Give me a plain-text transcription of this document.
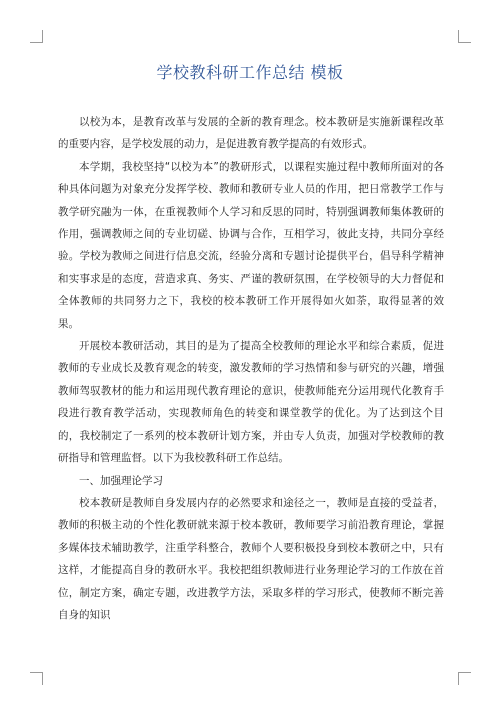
学校教科研工作总结 模板

以校为本，是教育改革与发展的全新的教育理念。校本教研是实施新课程改革的重要内容，是学校发展的动力，是促进教育教学提高的有效形式。

本学期，我校坚持“以校为本”的教研形式，以课程实施过程中教师所面对的各种具体问题为对象充分发挥学校、教师和教研专业人员的作用，把日常教学工作与教学研究融为一体，在重视教师个人学习和反思的同时，特别强调教师集体教研的作用，强调教师之间的专业切磋、协调与合作，互相学习，彼此支持，共同分享经验。学校为教师之间进行信息交流，经验分离和专题讨论提供平台，倡导科学精神和实事求是的态度，营造求真、务实、严谨的教研氛围，在学校领导的大力督促和全体教师的共同努力之下，我校的校本教研工作开展得如火如荼，取得显著的效果。

开展校本教研活动，其目的是为了提高全校教师的理论水平和综合素质，促进教师的专业成长及教育观念的转变，激发教师的学习热情和参与研究的兴趣，增强教师驾驭教材的能力和运用现代教育理论的意识，使教师能充分运用现代化教育手段进行教育教学活动，实现教师角色的转变和课堂教学的优化。为了达到这个目的，我校制定了一系列的校本教研计划方案，并由专人负责，加强对学校教师的教研指导和管理监督。以下为我校教科研工作总结。

一、加强理论学习

校本教研是教师自身发展内存的必然要求和途径之一，教师是直接的受益者，教师的积极主动的个性化教研就来源于校本教研，教师要学习前沿教育理论，掌握多媒体技术辅助教学，注重学科整合，教师个人要积极投身到校本教研之中，只有这样，才能提高自身的教研水平。我校把组织教师进行业务理论学习的工作放在首位，制定方案，确定专题，改进教学方法，采取多样的学习形式，使教师不断完善自身的知识
